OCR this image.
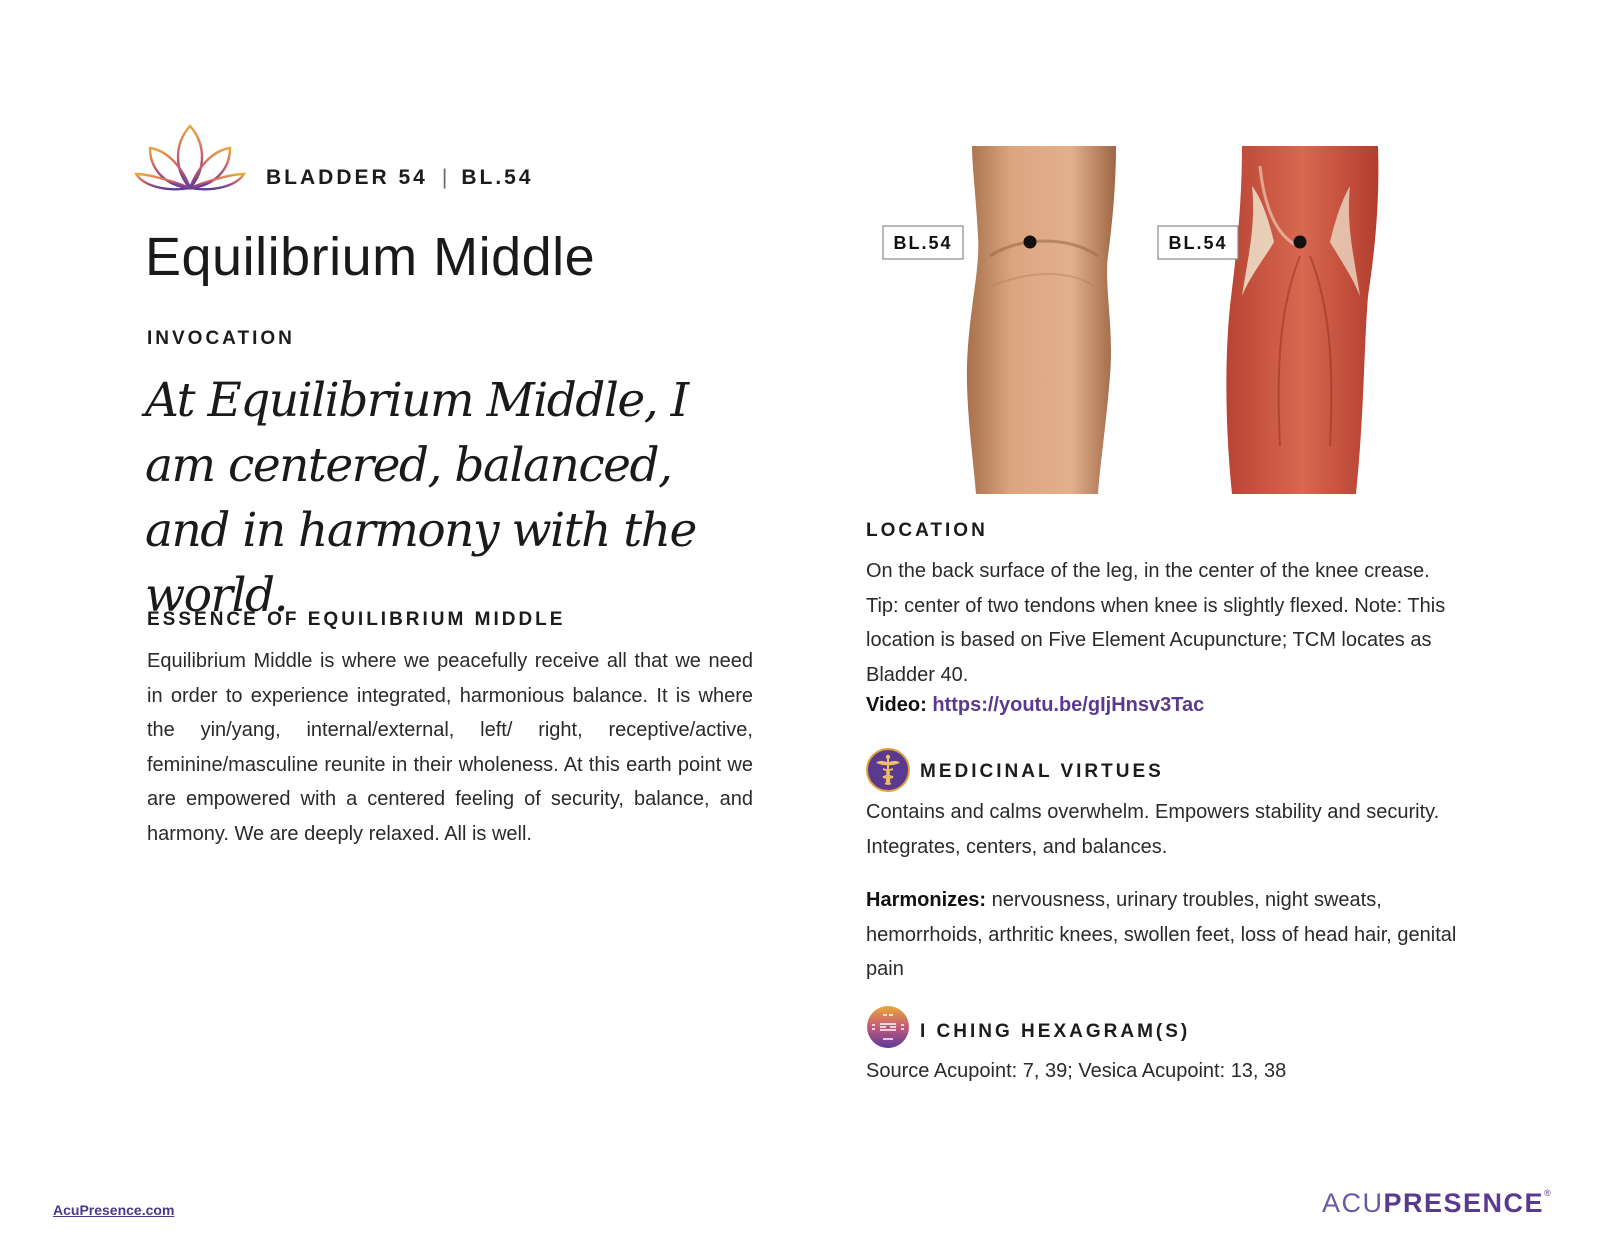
BLADDER 54 | BL.54
Equilibrium Middle
INVOCATION
At Equilibrium Middle, I am centered, balanced, and in harmony with the world.
ESSENCE OF EQUILIBRIUM MIDDLE

Equilibrium Middle is where we peacefully receive all that we need in order to experience integrated, harmonious balance. It is where the yin/yang, internal/external, left/ right, receptive/active, feminine/masculine reunite in their wholeness. At this earth point we are empowered with a centered feeling of security, balance, and harmony. We are deeply relaxed. All is well.

BL.54	BL.54
LOCATION

On the back surface of the leg, in the center of the knee crease. Tip: center of two tendons when knee is slightly flexed. Note: This location is based on Five Element Acupuncture; TCM locates as Bladder 40.

Video: https://youtu.be/gIjHnsv3Tac
MEDICINAL VIRTUES

Contains and calms overwhelm. Empowers stability and security. Integrates, centers, and balances.

Harmonizes: nervousness, urinary troubles, night sweats, hemorrhoids, arthritic knees, swollen feet, loss of head hair, genital pain

I CHING HEXAGRAM(S)

Source Acupoint: 7, 39; Vesica Acupoint: 13, 38

AcuPresence.com	ACUPRESENCE®
